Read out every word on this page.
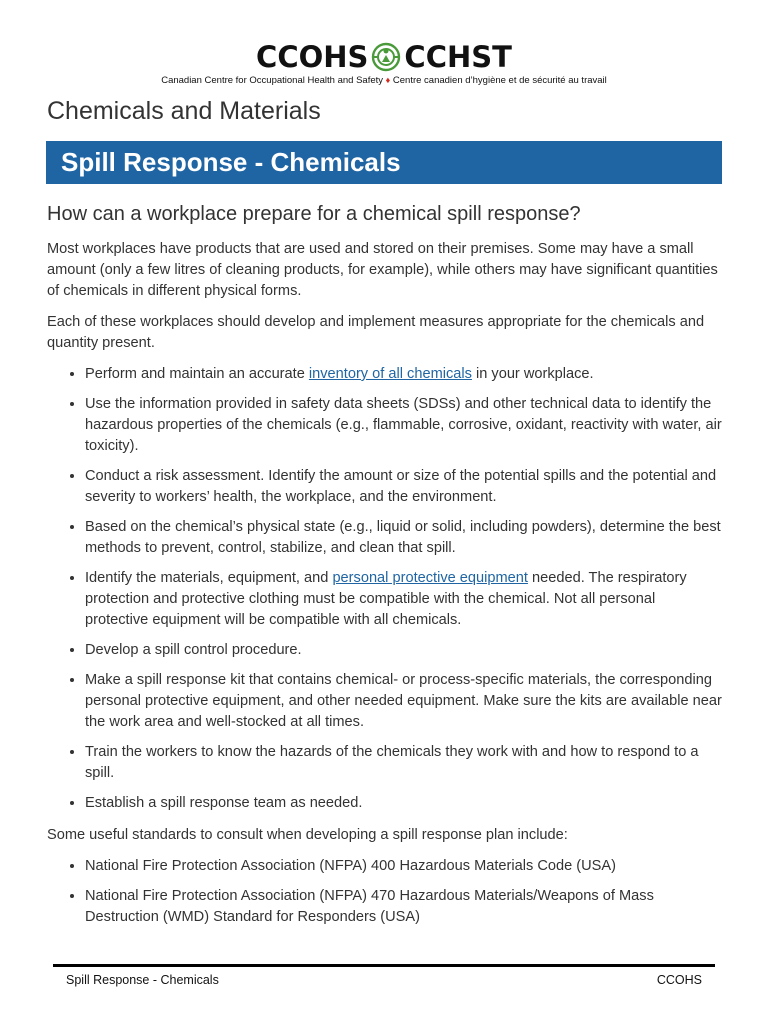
CCOHS CCHST
Canadian Centre for Occupational Health and Safety ♦ Centre canadien d’hygiène et de sécurité au travail
Chemicals and Materials
Spill Response - Chemicals
How can a workplace prepare for a chemical spill response?

Most workplaces have products that are used and stored on their premises. Some may have a small amount (only a few litres of cleaning products, for example), while others may have significant quantities of chemicals in different physical forms.

Each of these workplaces should develop and implement measures appropriate for the chemicals and quantity present.

• Perform and maintain an accurate inventory of all chemicals in your workplace.
• Use the information provided in safety data sheets (SDSs) and other technical data to identify the hazardous properties of the chemicals (e.g., flammable, corrosive, oxidant, reactivity with water, air toxicity).
• Conduct a risk assessment. Identify the amount or size of the potential spills and the potential and severity to workers’ health, the workplace, and the environment.
• Based on the chemical’s physical state (e.g., liquid or solid, including powders), determine the best methods to prevent, control, stabilize, and clean that spill.
• Identify the materials, equipment, and personal protective equipment needed. The respiratory protection and protective clothing must be compatible with the chemical. Not all personal protective equipment will be compatible with all chemicals.
• Develop a spill control procedure.
• Make a spill response kit that contains chemical- or process-specific materials, the corresponding personal protective equipment, and other needed equipment. Make sure the kits are available near the work area and well-stocked at all times.
• Train the workers to know the hazards of the chemicals they work with and how to respond to a spill.
• Establish a spill response team as needed.

Some useful standards to consult when developing a spill response plan include:

• National Fire Protection Association (NFPA) 400 Hazardous Materials Code (USA)
• National Fire Protection Association (NFPA) 470 Hazardous Materials/Weapons of Mass Destruction (WMD) Standard for Responders (USA)
Spill Response - Chemicals	CCOHS
